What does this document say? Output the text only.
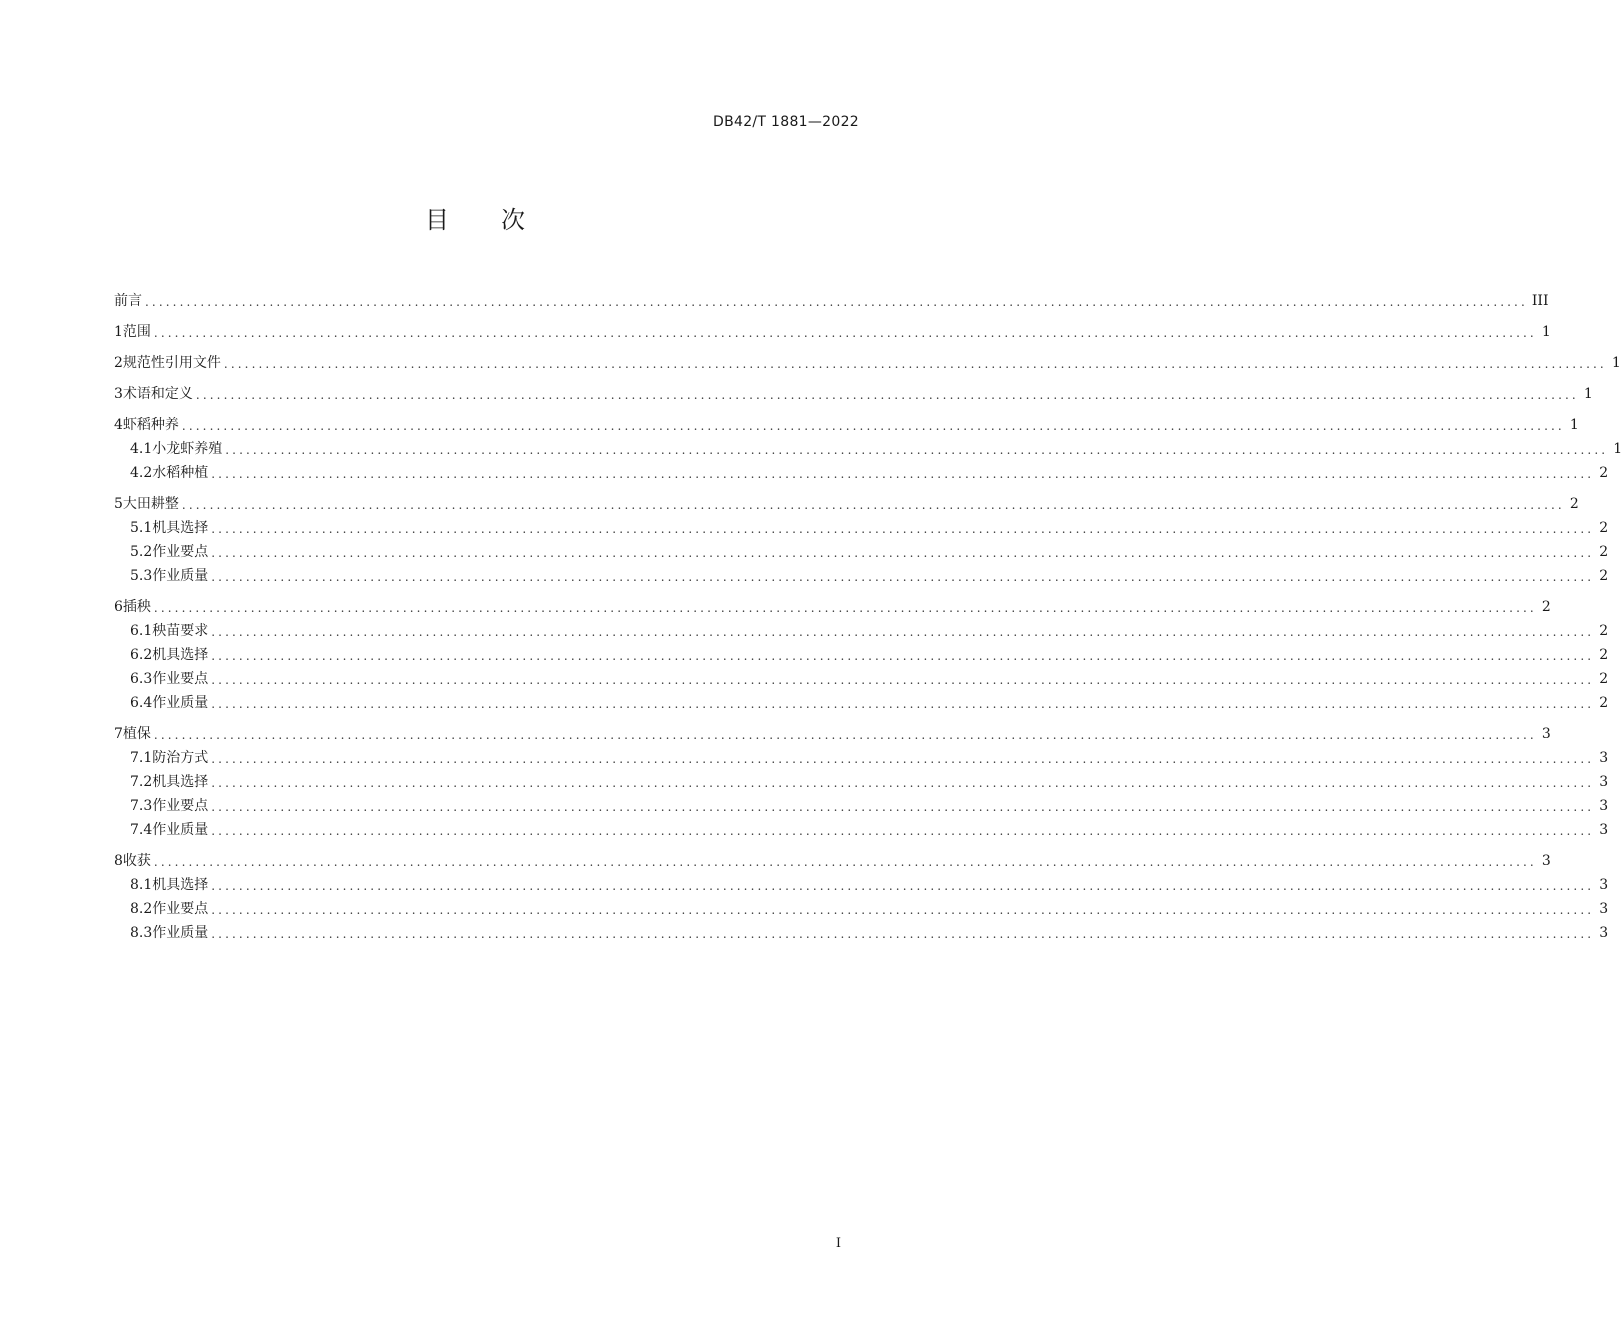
DB42/T 1881—2022
目 次
前言 ........................................................................................................................................................................................................ III
1 范围 ........................................................................................................................................................................................................ 1
2 规范性引用文件 ........................................................................................................................................................................................................ 1
3 术语和定义 ........................................................................................................................................................................................................ 1
4 虾稻种养 ........................................................................................................................................................................................................ 1
4.1 小龙虾养殖 ........................................................................................................................................................................................................ 1
4.2 水稻种植 ........................................................................................................................................................................................................ 2
5 大田耕整 ........................................................................................................................................................................................................ 2
5.1 机具选择 ........................................................................................................................................................................................................ 2
5.2 作业要点 ........................................................................................................................................................................................................ 2
5.3 作业质量 ........................................................................................................................................................................................................ 2
6 插秧 ........................................................................................................................................................................................................ 2
6.1 秧苗要求 ........................................................................................................................................................................................................ 2
6.2 机具选择 ........................................................................................................................................................................................................ 2
6.3 作业要点 ........................................................................................................................................................................................................ 2
6.4 作业质量 ........................................................................................................................................................................................................ 2
7 植保 ........................................................................................................................................................................................................ 3
7.1 防治方式 ........................................................................................................................................................................................................ 3
7.2 机具选择 ........................................................................................................................................................................................................ 3
7.3 作业要点 ........................................................................................................................................................................................................ 3
7.4 作业质量 ........................................................................................................................................................................................................ 3
8 收获 ........................................................................................................................................................................................................ 3
8.1 机具选择 ........................................................................................................................................................................................................ 3
8.2 作业要点 ........................................................................................................................................................................................................ 3
8.3 作业质量 ........................................................................................................................................................................................................ 3
I
